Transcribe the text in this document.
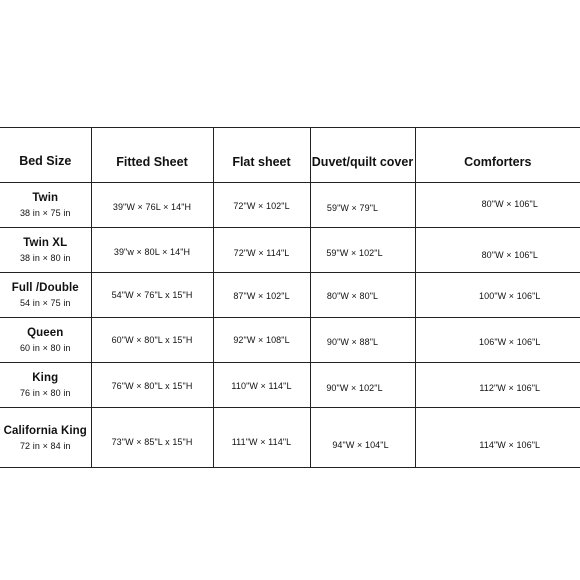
Bed Size	Fitted Sheet	Flat sheet	Duvet/quilt cover	Comforters

Twin
38 in × 75 in	39"W × 76L × 14"H	72"W × 102"L	59"W × 79"L	80"W × 106"L

Twin XL
38 in × 80 in	39"w × 80L × 14"H	72"W × 114"L	59"W × 102"L	80"W × 106"L

Full /Double
54 in × 75 in	54"W × 76"L x 15"H	87"W × 102"L	80"W × 80"L	100"W × 106"L

Queen
60 in × 80 in	60"W × 80"L x 15"H	92"W × 108"L	90"W × 88"L	106"W × 106"L

King
76 in × 80 in	76"W × 80"L x 15"H	110"W × 114"L	90"W × 102"L	112"W × 106"L

California King
72 in × 84 in	73"W × 85"L x 15"H	111"W × 114"L	94"W × 104"L	114"W × 106"L
